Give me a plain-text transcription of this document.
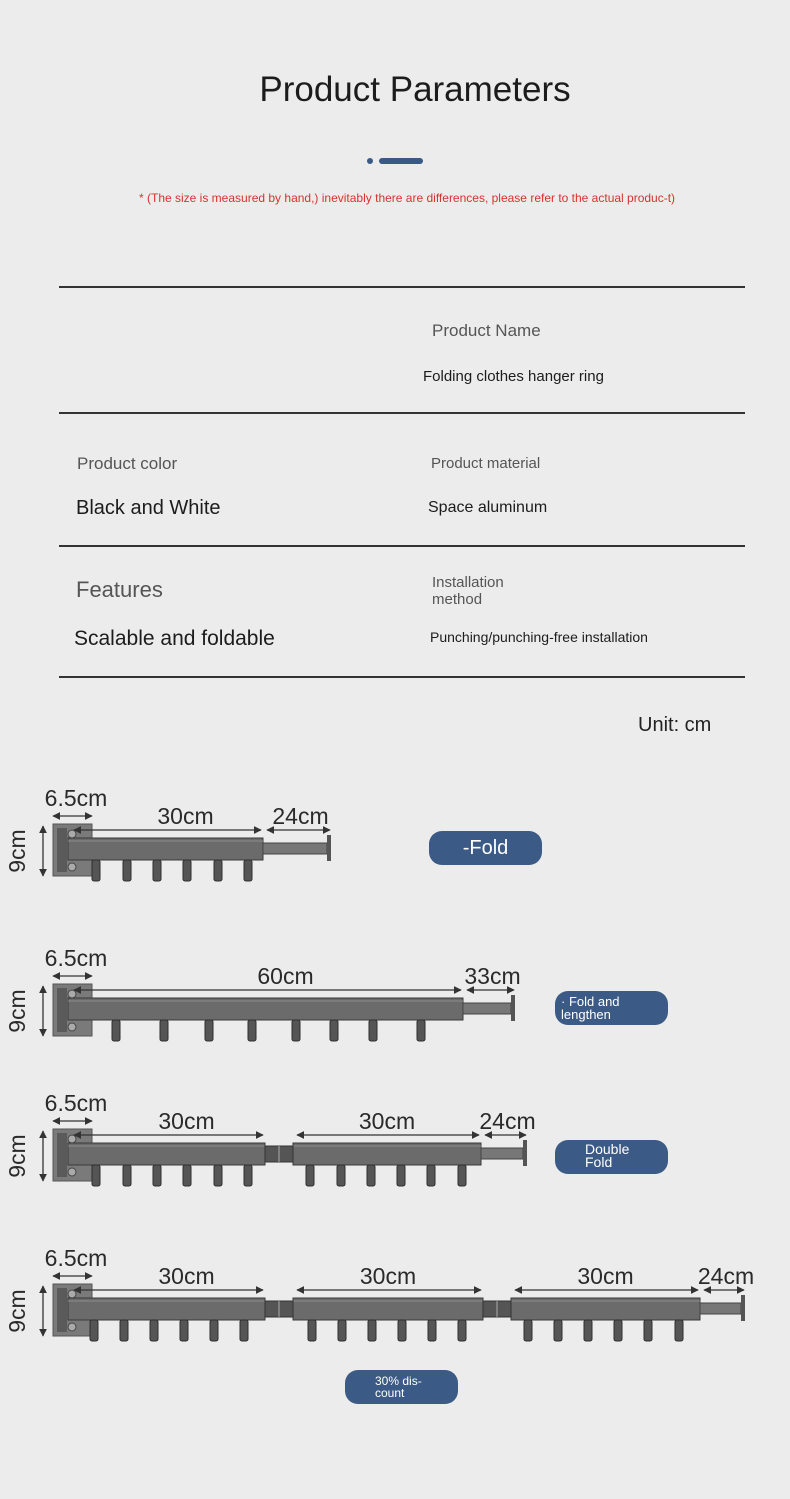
Product Parameters
* (The size is measured by hand,) inevitably there are differences, please refer to the actual produc-t)
Product Name
Folding clothes hanger ring
Product color
Black and White
Product material
Space aluminum
Features
Scalable and foldable
Installation method
Punching/punching-free installation
Unit: cm
9cm
6.5cm
30cm	24cm
9cm
6.5cm
60cm	33cm
9cm
6.5cm
30cm	30cm	24cm
9cm
6.5cm
30cm	30cm	30cm	24cm
-Fold
· Fold and lengthen
Double Fold
30% dis-count
